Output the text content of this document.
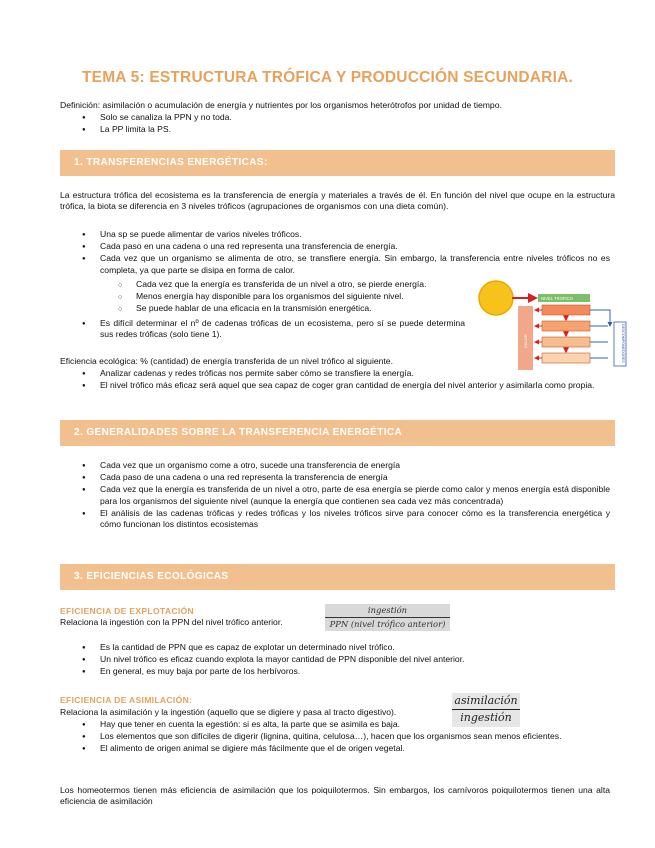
TEMA 5: ESTRUCTURA TRÓFICA Y PRODUCCIÓN SECUNDARIA.
Definición: asimilación o acumulación de energía y nutrientes por los organismos heterótrofos por unidad de tiempo.
● Solo se canaliza la PPN y no toda.
● La PP limita la PS.
1. TRANSFERENCIAS ENERGÉTICAS:
La estructura trófica del ecosistema es la transferencia de energía y materiales a través de él. En función del nivel que ocupe en la estructura trófica, la biota se diferencia en 3 niveles tróficos (agrupaciones de organismos con una dieta común).
● Una sp se puede alimentar de varios niveles tróficos.
● Cada paso en una cadena o una red representa una transferencia de energía.
● Cada vez que un organismo se alimenta de otro, se transfiere energía. Sin embargo, la transferencia entre niveles tróficos no es completa, ya que parte se disipa en forma de calor.
○ Cada vez que la energía es transferida de un nivel a otro, se pierde energía.
○ Menos energía hay disponible para los organismos del siguiente nivel.
○ Se puede hablar de una eficacia en la transmisión energética.
● Es difícil determinar el nº de cadenas tróficas de un ecosistema, pero sí se puede determina sus redes tróficas (solo tiene 1).
CALOR
NIVEL TROFICO
DESCOMPONEDORES
Eficiencia ecológica: % (cantidad) de energía transferida de un nivel trófico al siguiente.
● Analizar cadenas y redes tróficas nos permite saber cómo se transfiere la energía.
● El nivel trófico más eficaz será aquel que sea capaz de coger gran cantidad de energía del nivel anterior y asimilarla como propia.
2. GENERALIDADES SOBRE LA TRANSFERENCIA ENERGÉTICA
● Cada vez que un organismo come a otro, sucede una transferencia de energía
● Cada paso de una cadena o una red representa la transferencia de energía
● Cada vez que la energía es transferida de un nivel a otro, parte de esa energía se pierde como calor y menos energía está disponible para los organismos del siguiente nivel (aunque la energía que contienen sea cada vez más concentrada)
● El análisis de las cadenas tróficas y redes tróficas y los niveles tróficos sirve para conocer cómo es la transferencia energética y cómo funcionan los distintos ecosistemas
3. EFICIENCIAS ECOLÓGICAS
EFICIENCIA DE EXPLOTACIÓN
Relaciona la ingestión con la PPN del nivel trófico anterior.
ingestión
PPN (nivel trófico anterior)
● Es la cantidad de PPN que es capaz de explotar un determinado nivel trófico.
● Un nivel trófico es eficaz cuando explota la mayor cantidad de PPN disponible del nivel anterior.
● En general, es muy baja por parte de los herbívoros.
EFICIENCIA DE ASIMILACIÓN:
Relaciona la asimilación y la ingestión (aquello que se digiere y pasa al tracto digestivo).
asimilación
ingestión
● Hay que tener en cuenta la egestión: si es alta, la parte que se asimila es baja.
● Los elementos que son difíciles de digerir (lignina, quitina, celulosa…), hacen que los organismos sean menos eficientes.
● El alimento de origen animal se digiere más fácilmente que el de origen vegetal.
Los homeotermos tienen más eficiencia de asimilación que los poiquilotermos. Sin embargos, los carnívoros poiquilotermos tienen una alta eficiencia de asimilación
